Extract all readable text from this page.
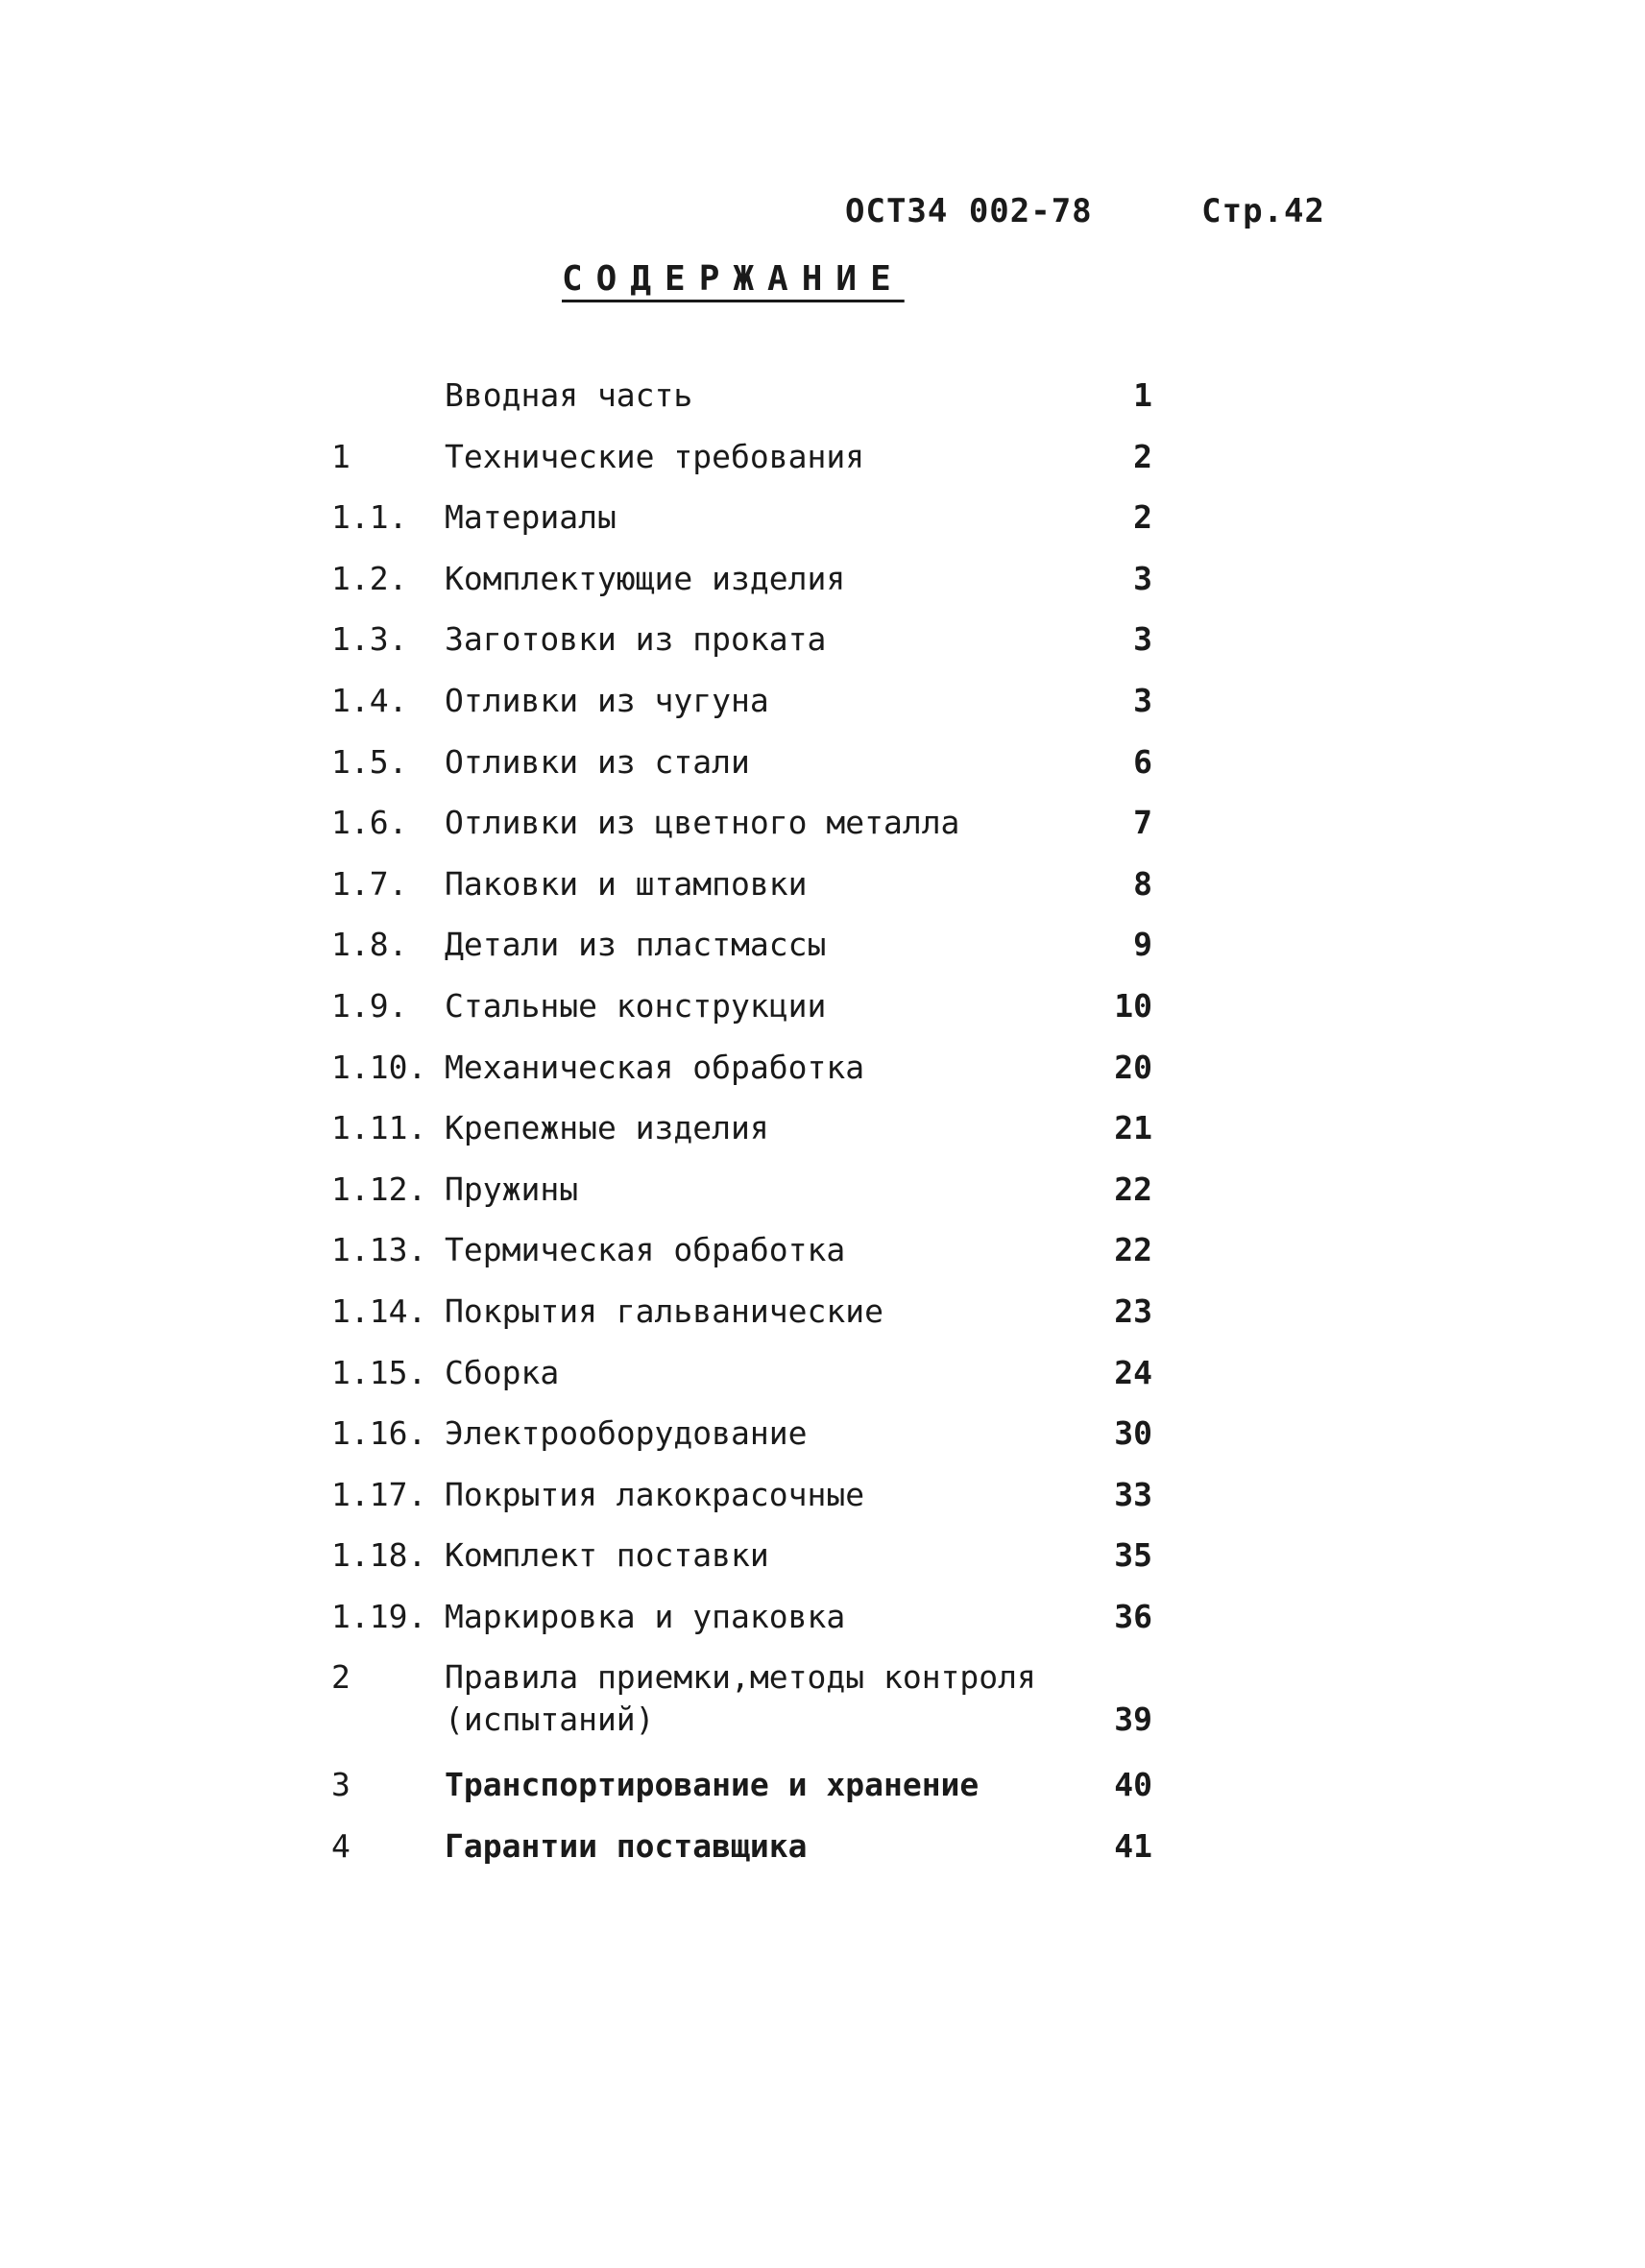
ОСТ34 002-78	Стр.42
СОДЕРЖАНИЕ
Вводная часть	1
1	Технические требования	2
1.1. Материалы	2
1.2. Комплектующие изделия	3
1.3. Заготовки из проката	3
1.4. Отливки из чугуна	3
1.5. Отливки из стали	6
1.6. Отливки из цветного металла	7
1.7. Паковки и штамповки	8
1.8. Детали из пластмассы	9
1.9. Стальные конструкции	10
1.10. Механическая обработка	20
1.11. Крепежные изделия	21
1.12. Пружины	22
1.13. Термическая обработка	22
1.14. Покрытия гальванические	23
1.15. Сборка	24
1.16. Электрооборудование	30
1.17. Покрытия лакокрасочные	33
1.18. Комплект поставки	35
1.19. Маркировка и упаковка	36
2	Правила приемки,методы контроля
(испытаний)	39
3	Транспортирование и хранение	40
4	Гарантии поставщика	41
